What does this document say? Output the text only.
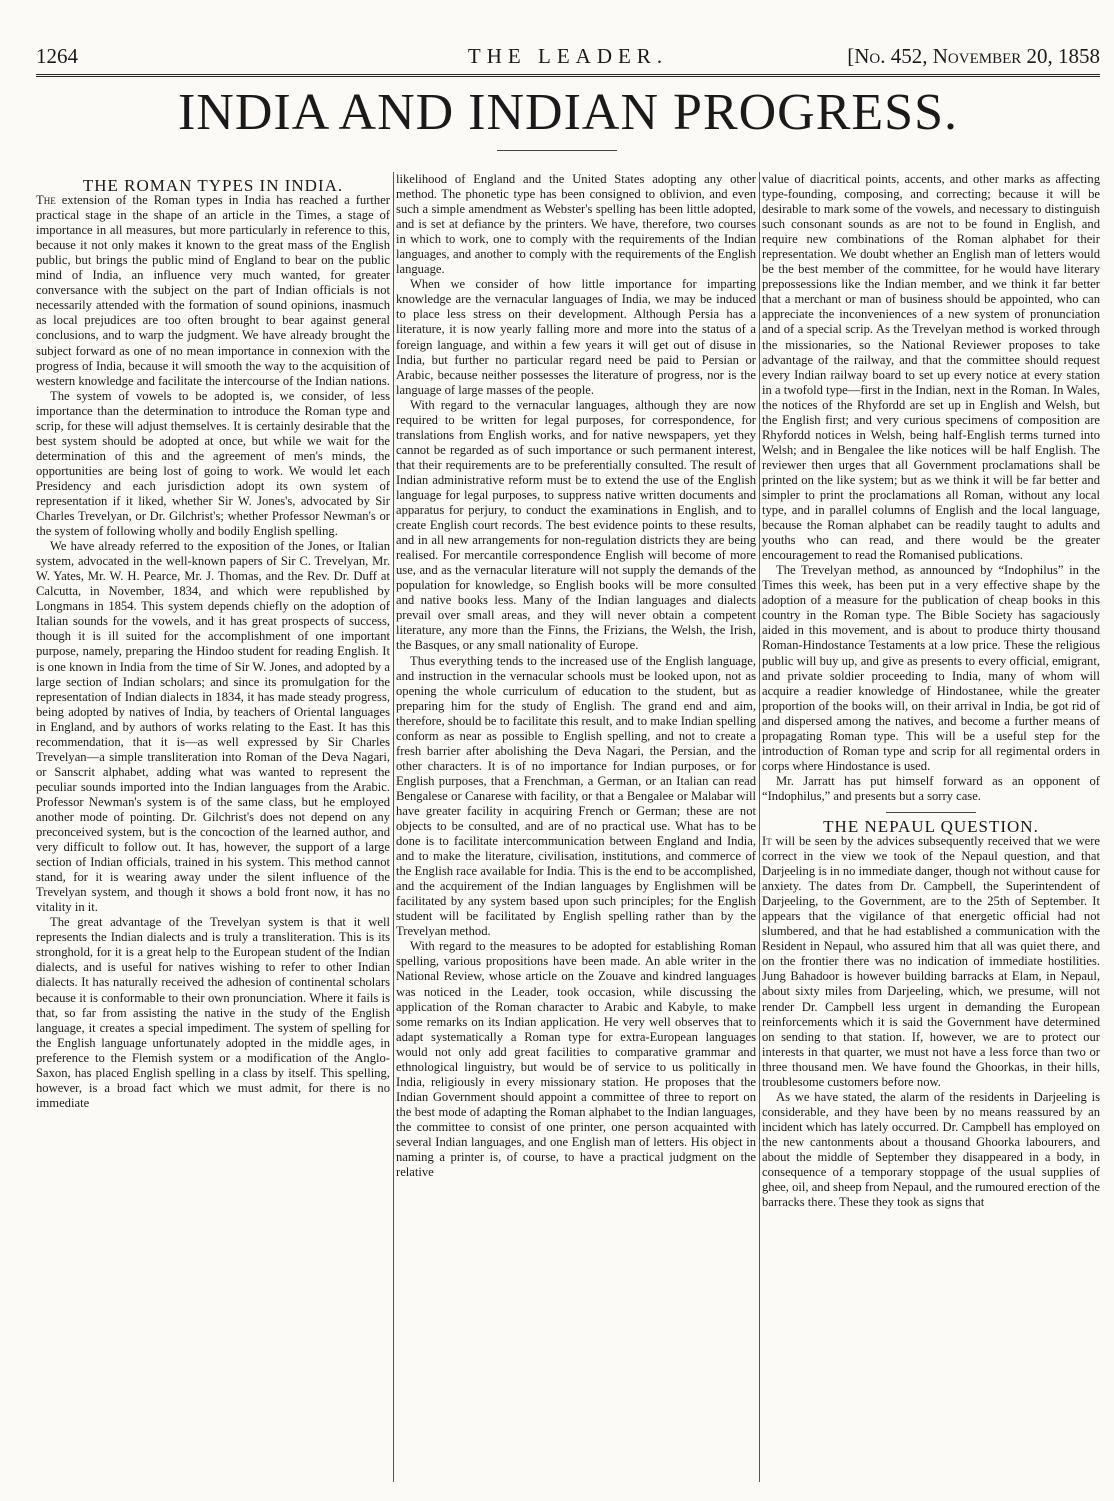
1264	THE LEADER.	[No. 452, November 20, 1858
INDIA AND INDIAN PROGRESS.

THE ROMAN TYPES IN INDIA.

The extension of the Roman types in India has reached a further practical stage in the shape of an article in the Times, a stage of importance in all measures, but more particularly in reference to this, because it not only makes it known to the great mass of the English public, but brings the public mind of England to bear on the public mind of India, an influence very much wanted, for greater conversance with the subject on the part of Indian officials is not necessarily attended with the formation of sound opinions, inasmuch as local prejudices are too often brought to bear against general conclusions, and to warp the judgment. We have already brought the subject forward as one of no mean importance in connexion with the progress of India, because it will smooth the way to the acquisition of western knowledge and facilitate the intercourse of the Indian nations.

The system of vowels to be adopted is, we consider, of less importance than the determination to introduce the Roman type and scrip, for these will adjust themselves. It is certainly desirable that the best system should be adopted at once, but while we wait for the determination of this and the agreement of men's minds, the opportunities are being lost of going to work. We would let each Presidency and each jurisdiction adopt its own system of representation if it liked, whether Sir W. Jones's, advocated by Sir Charles Trevelyan, or Dr. Gilchrist's; whether Professor Newman's or the system of following wholly and bodily English spelling.

We have already referred to the exposition of the Jones, or Italian system, advocated in the well-known papers of Sir C. Trevelyan, Mr. W. Yates, Mr. W. H. Pearce, Mr. J. Thomas, and the Rev. Dr. Duff at Calcutta, in November, 1834, and which were republished by Longmans in 1854. This system depends chiefly on the adoption of Italian sounds for the vowels, and it has great prospects of success, though it is ill suited for the accomplishment of one important purpose, namely, preparing the Hindoo student for reading English. It is one known in India from the time of Sir W. Jones, and adopted by a large section of Indian scholars; and since its promulgation for the representation of Indian dialects in 1834, it has made steady progress, being adopted by natives of India, by teachers of Oriental languages in England, and by authors of works relating to the East. It has this recommendation, that it is—as well expressed by Sir Charles Trevelyan—a simple transliteration into Roman of the Deva Nagari, or Sanscrit alphabet, adding what was wanted to represent the peculiar sounds imported into the Indian languages from the Arabic. Professor Newman's system is of the same class, but he employed another mode of pointing. Dr. Gilchrist's does not depend on any preconceived system, but is the concoction of the learned author, and very difficult to follow out. It has, however, the support of a large section of Indian officials, trained in his system. This method cannot stand, for it is wearing away under the silent influence of the Trevelyan system, and though it shows a bold front now, it has no vitality in it.

The great advantage of the Trevelyan system is that it well represents the Indian dialects and is truly a transliteration. This is its stronghold, for it is a great help to the European student of the Indian dialects, and is useful for natives wishing to refer to other Indian dialects. It has naturally received the adhesion of continental scholars because it is conformable to their own pronunciation. Where it fails is that, so far from assisting the native in the study of the English language, it creates a special impediment. The system of spelling for the English language unfortunately adopted in the middle ages, in preference to the Flemish system or a modification of the Anglo-Saxon, has placed English spelling in a class by itself. This spelling, however, is a broad fact which we must admit, for there is no immediate

likelihood of England and the United States adopting any other method. The phonetic type has been consigned to oblivion, and even such a simple amendment as Webster's spelling has been little adopted, and is set at defiance by the printers. We have, therefore, two courses in which to work, one to comply with the requirements of the Indian languages, and another to comply with the requirements of the English language.

When we consider of how little importance for imparting knowledge are the vernacular languages of India, we may be induced to place less stress on their development. Although Persia has a literature, it is now yearly falling more and more into the status of a foreign language, and within a few years it will get out of disuse in India, but further no particular regard need be paid to Persian or Arabic, because neither possesses the literature of progress, nor is the language of large masses of the people.

With regard to the vernacular languages, although they are now required to be written for legal purposes, for correspondence, for translations from English works, and for native newspapers, yet they cannot be regarded as of such importance or such permanent interest, that their requirements are to be preferentially consulted. The result of Indian administrative reform must be to extend the use of the English language for legal purposes, to suppress native written documents and apparatus for perjury, to conduct the examinations in English, and to create English court records. The best evidence points to these results, and in all new arrangements for non-regulation districts they are being realised. For mercantile correspondence English will become of more use, and as the vernacular literature will not supply the demands of the population for knowledge, so English books will be more consulted and native books less. Many of the Indian languages and dialects prevail over small areas, and they will never obtain a competent literature, any more than the Finns, the Frizians, the Welsh, the Irish, the Basques, or any small nationality of Europe.

Thus everything tends to the increased use of the English language, and instruction in the vernacular schools must be looked upon, not as opening the whole curriculum of education to the student, but as preparing him for the study of English. The grand end and aim, therefore, should be to facilitate this result, and to make Indian spelling conform as near as possible to English spelling, and not to create a fresh barrier after abolishing the Deva Nagari, the Persian, and the other characters. It is of no importance for Indian purposes, or for English purposes, that a Frenchman, a German, or an Italian can read Bengalese or Canarese with facility, or that a Bengalee or Malabar will have greater facility in acquiring French or German; these are not objects to be consulted, and are of no practical use. What has to be done is to facilitate intercommunication between England and India, and to make the literature, civilisation, institutions, and commerce of the English race available for India. This is the end to be accomplished, and the acquirement of the Indian languages by Englishmen will be facilitated by any system based upon such principles; for the English student will be facilitated by English spelling rather than by the Trevelyan method.

With regard to the measures to be adopted for establishing Roman spelling, various propositions have been made. An able writer in the National Review, whose article on the Zouave and kindred languages was noticed in the Leader, took occasion, while discussing the application of the Roman character to Arabic and Kabyle, to make some remarks on its Indian application. He very well observes that to adapt systematically a Roman type for extra-European languages would not only add great facilities to comparative grammar and ethnological linguistry, but would be of service to us politically in India, religiously in every missionary station. He proposes that the Indian Government should appoint a committee of three to report on the best mode of adapting the Roman alphabet to the Indian languages, the committee to consist of one printer, one person acquainted with several Indian languages, and one English man of letters. His object in naming a printer is, of course, to have a practical judgment on the relative

value of diacritical points, accents, and other marks as affecting type-founding, composing, and correcting; because it will be desirable to mark some of the vowels, and necessary to distinguish such consonant sounds as are not to be found in English, and require new combinations of the Roman alphabet for their representation. We doubt whether an English man of letters would be the best member of the committee, for he would have literary prepossessions like the Indian member, and we think it far better that a merchant or man of business should be appointed, who can appreciate the inconveniences of a new system of pronunciation and of a special scrip. As the Trevelyan method is worked through the missionaries, so the National Reviewer proposes to take advantage of the railway, and that the committee should request every Indian railway board to set up every notice at every station in a twofold type—first in the Indian, next in the Roman. In Wales, the notices of the Rhyfordd are set up in English and Welsh, but the English first; and very curious specimens of composition are Rhyfordd notices in Welsh, being half-English terms turned into Welsh; and in Bengalee the like notices will be half English. The reviewer then urges that all Government proclamations shall be printed on the like system; but as we think it will be far better and simpler to print the proclamations all Roman, without any local type, and in parallel columns of English and the local language, because the Roman alphabet can be readily taught to adults and youths who can read, and there would be the greater encouragement to read the Romanised publications.

The Trevelyan method, as announced by “Indophilus” in the Times this week, has been put in a very effective shape by the adoption of a measure for the publication of cheap books in this country in the Roman type. The Bible Society has sagaciously aided in this movement, and is about to produce thirty thousand Roman-Hindostance Testaments at a low price. These the religious public will buy up, and give as presents to every official, emigrant, and private soldier proceeding to India, many of whom will acquire a readier knowledge of Hindostanee, while the greater proportion of the books will, on their arrival in India, be got rid of and dispersed among the natives, and become a further means of propagating Roman type. This will be a useful step for the introduction of Roman type and scrip for all regimental orders in corps where Hindostance is used.

Mr. Jarratt has put himself forward as an opponent of “Indophilus,” and presents but a sorry case.

THE NEPAUL QUESTION.

It will be seen by the advices subsequently received that we were correct in the view we took of the Nepaul question, and that Darjeeling is in no immediate danger, though not without cause for anxiety. The dates from Dr. Campbell, the Superintendent of Darjeeling, to the Government, are to the 25th of September. It appears that the vigilance of that energetic official had not slumbered, and that he had established a communication with the Resident in Nepaul, who assured him that all was quiet there, and on the frontier there was no indication of immediate hostilities. Jung Bahadoor is however building barracks at Elam, in Nepaul, about sixty miles from Darjeeling, which, we presume, will not render Dr. Campbell less urgent in demanding the European reinforcements which it is said the Government have determined on sending to that station. If, however, we are to protect our interests in that quarter, we must not have a less force than two or three thousand men. We have found the Ghoorkas, in their hills, troublesome customers before now.

As we have stated, the alarm of the residents in Darjeeling is considerable, and they have been by no means reassured by an incident which has lately occurred. Dr. Campbell has employed on the new cantonments about a thousand Ghoorka labourers, and about the middle of September they disappeared in a body, in consequence of a temporary stoppage of the usual supplies of ghee, oil, and sheep from Nepaul, and the rumoured erection of the barracks there. These they took as signs that
